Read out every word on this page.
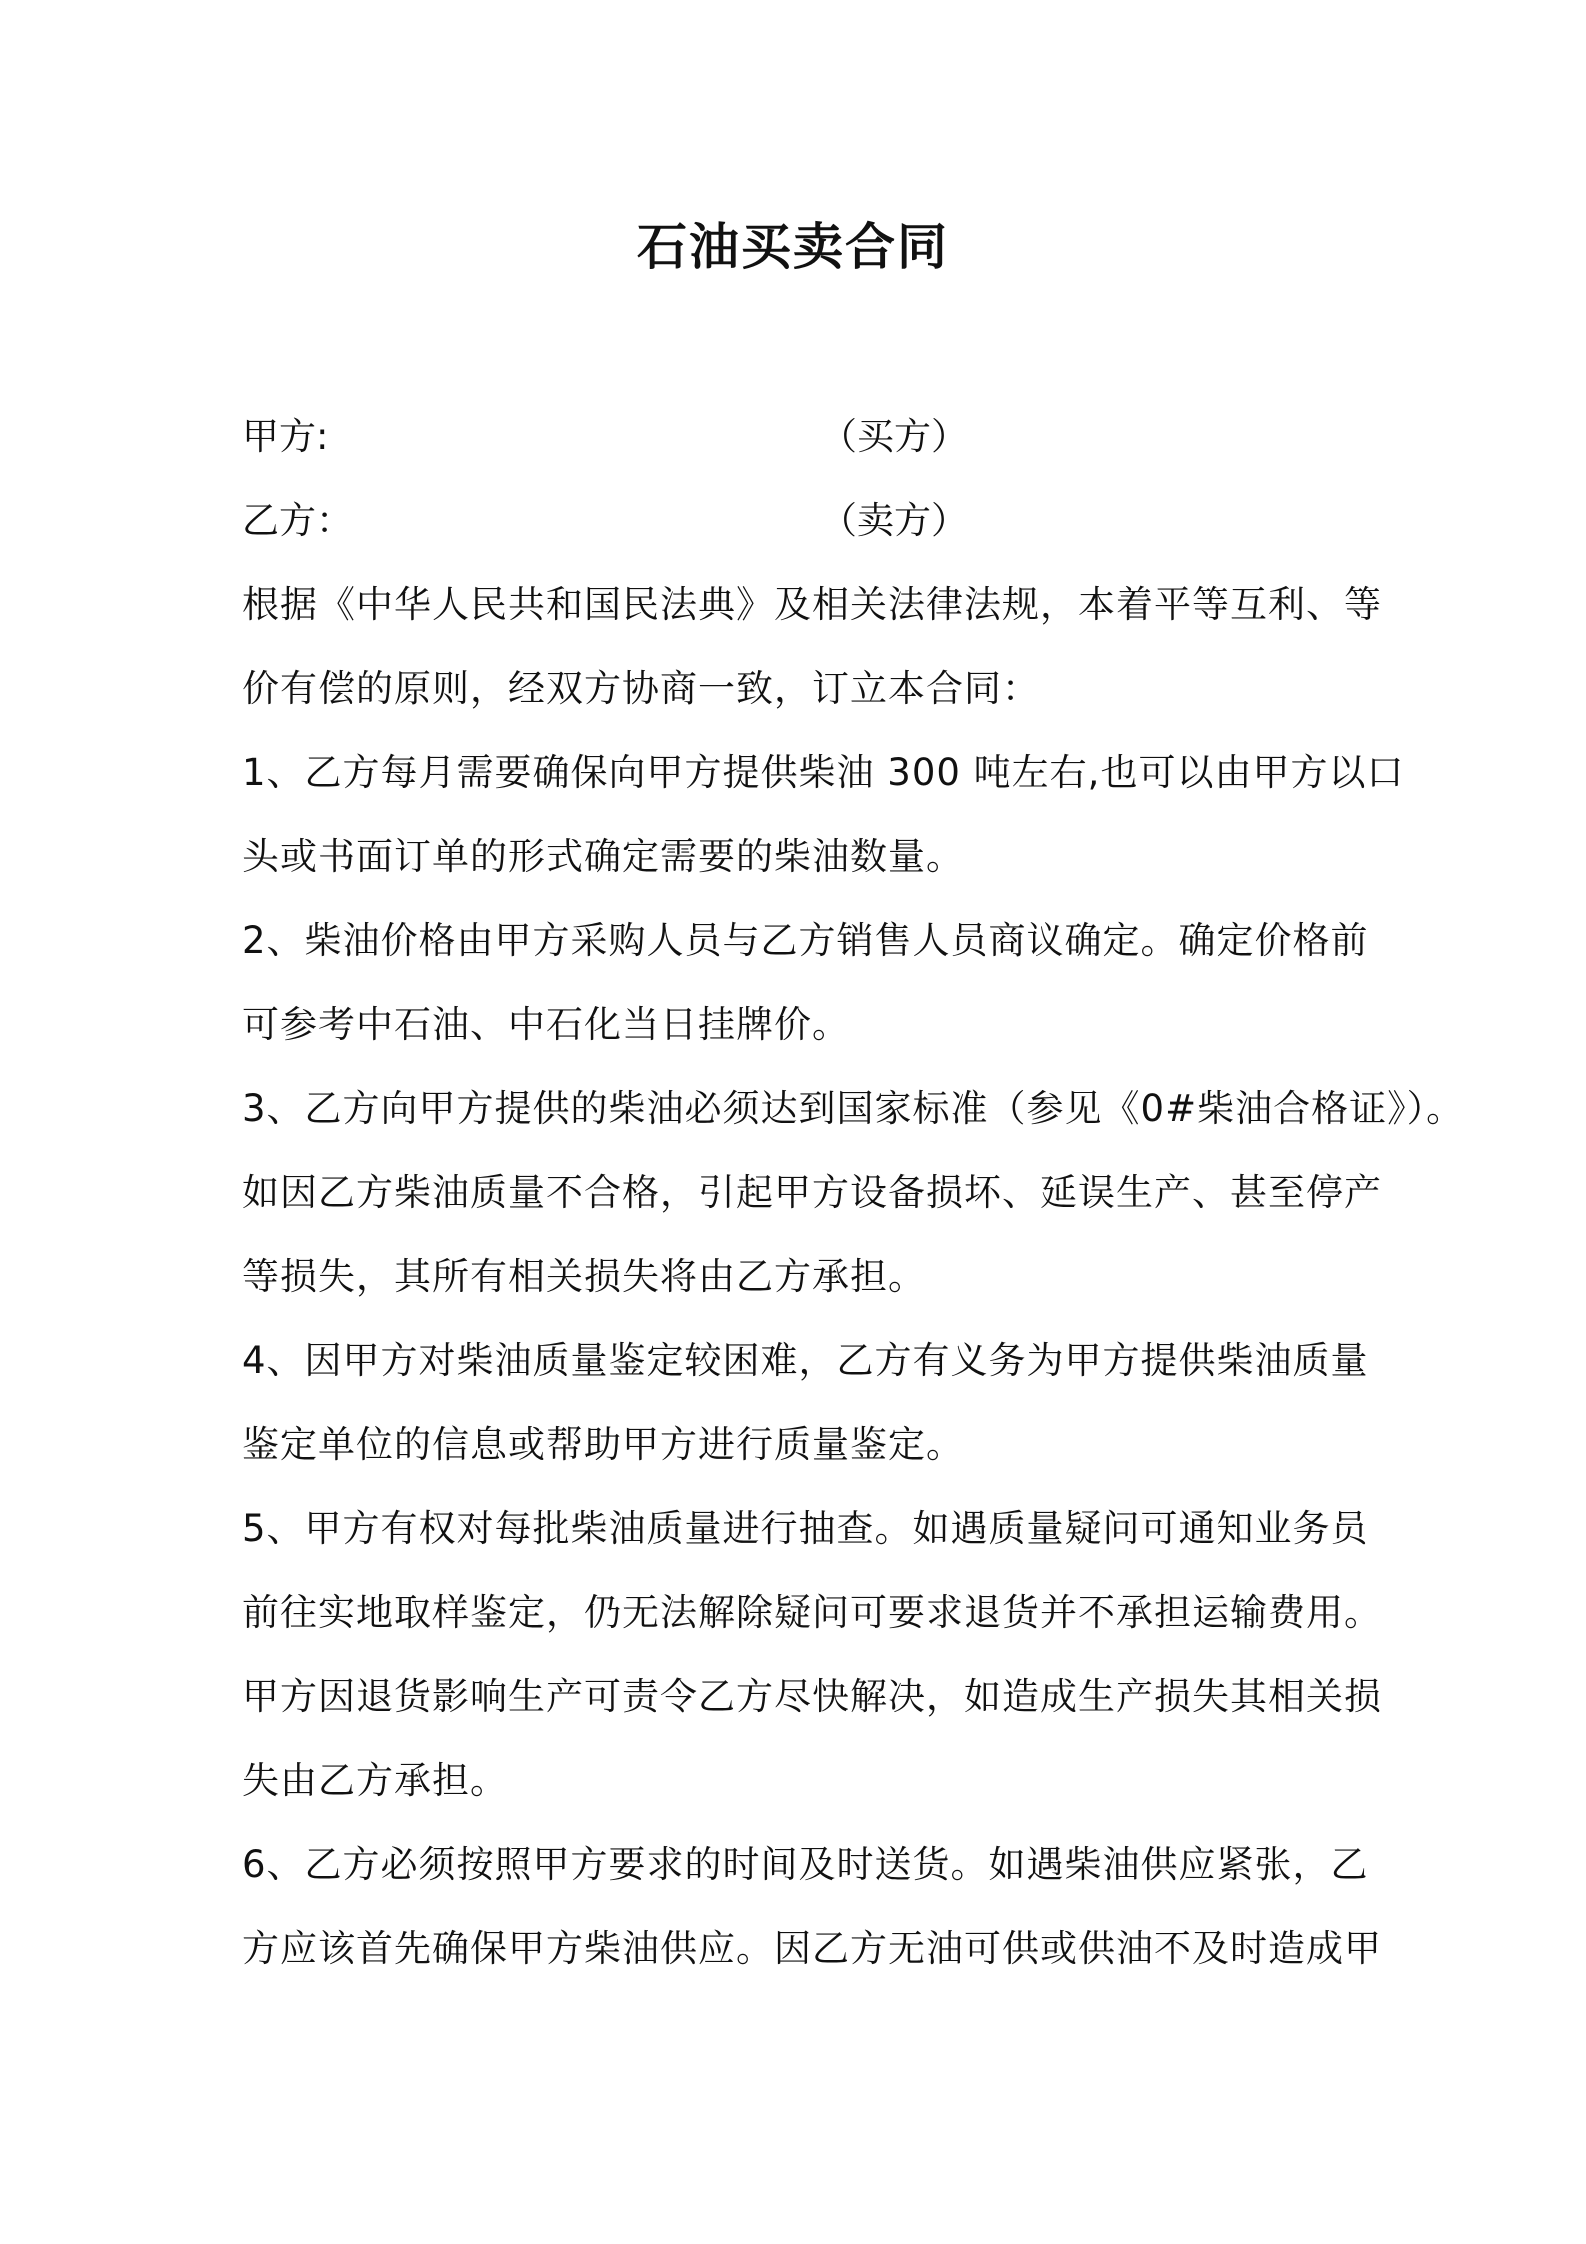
石油买卖合同
甲方:	（买方）
乙方：	（卖方）
根据《中华人民共和国民法典》及相关法律法规，本着平等互利、等
价有偿的原则，经双方协商一致，订立本合同：
1、乙方每月需要确保向甲方提供柴油 300 吨左右,也可以由甲方以口
头或书面订单的形式确定需要的柴油数量。
2、柴油价格由甲方采购人员与乙方销售人员商议确定。确定价格前
可参考中石油、中石化当日挂牌价。
3、乙方向甲方提供的柴油必须达到国家标准（参见《0#柴油合格证》）。
如因乙方柴油质量不合格，引起甲方设备损坏、延误生产、甚至停产
等损失，其所有相关损失将由乙方承担。
4、因甲方对柴油质量鉴定较困难，乙方有义务为甲方提供柴油质量
鉴定单位的信息或帮助甲方进行质量鉴定。
5、甲方有权对每批柴油质量进行抽查。如遇质量疑问可通知业务员
前往实地取样鉴定，仍无法解除疑问可要求退货并不承担运输费用。
甲方因退货影响生产可责令乙方尽快解决，如造成生产损失其相关损
失由乙方承担。
6、乙方必须按照甲方要求的时间及时送货。如遇柴油供应紧张，乙
方应该首先确保甲方柴油供应。因乙方无油可供或供油不及时造成甲
